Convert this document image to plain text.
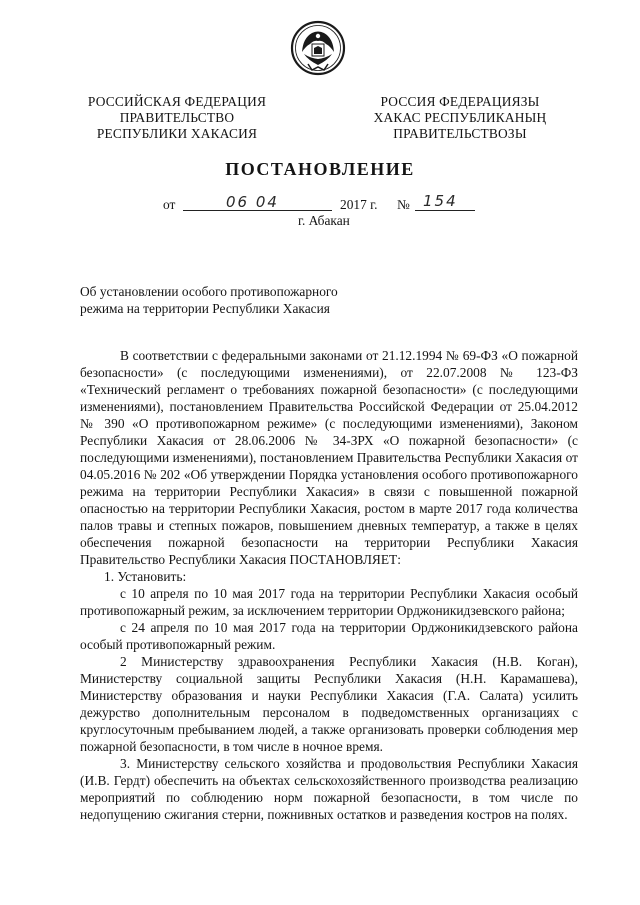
РОССИЙСКАЯ ФЕДЕРАЦИЯ
ПРАВИТЕЛЬСТВО
РЕСПУБЛИКИ ХАКАСИЯ
РОССИЯ ФЕДЕРАЦИЯЗЫ
ХАКАС РЕСПУБЛИКАНЫҢ
ПРАВИТЕЛЬСТВОЗЫ
ПОСТАНОВЛЕНИЕ
от	06 04	2017 г. № 154
г. Абакан
Об установлении особого противопожарного
режима на территории Республики Хакасия

В соответствии с федеральными законами от 21.12.1994 № 69-ФЗ «О пожарной безопасности» (с последующими изменениями), от 22.07.2008 № 123-ФЗ «Технический регламент о требованиях пожарной безопасности» (с последующими изменениями), постановлением Правительства Российской Федерации от 25.04.2012 № 390 «О противопожарном режиме» (с последующими изменениями), Законом Республики Хакасия от 28.06.2006 № 34-ЗРХ «О пожарной безопасности» (с последующими изменениями), постановлением Правительства Республики Хакасия от 04.05.2016 № 202 «Об утверждении Порядка установления особого противопожарного режима на территории Республики Хакасия» в связи с повышенной пожарной опасностью на территории Республики Хакасия, ростом в марте 2017 года количества палов травы и степных пожаров, повышением дневных температур, а также в целях обеспечения пожарной безопасности на территории Республики Хакасия Правительство Республики Хакасия ПОСТАНОВЛЯЕТ:

1. Установить:

с 10 апреля по 10 мая 2017 года на территории Республики Хакасия особый противопожарный режим, за исключением территории Орджоникидзевского района;

с 24 апреля по 10 мая 2017 года на территории Орджоникидзевского района особый противопожарный режим.

2 Министерству здравоохранения Республики Хакасия (Н.В. Коган), Министерству социальной защиты Республики Хакасия (Н.Н. Карамашева), Министерству образования и науки Республики Хакасия (Г.А. Салата) усилить дежурство дополнительным персоналом в подведомственных организациях с круглосуточным пребыванием людей, а также организовать проверки соблюдения мер пожарной безопасности, в том числе в ночное время.

3. Министерству сельского хозяйства и продовольствия Республики Хакасия (И.В. Гердт) обеспечить на объектах сельскохозяйственного производства реализацию мероприятий по соблюдению норм пожарной безопасности, в том числе по недопущению сжигания стерни, пожнивных остатков и разведения костров на полях.
